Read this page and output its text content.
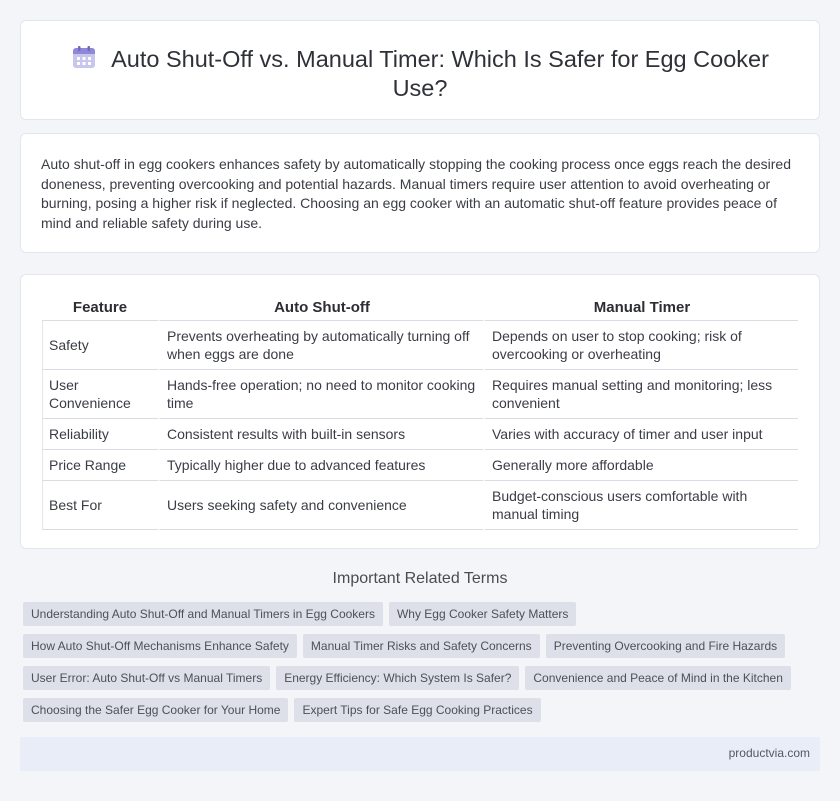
Auto Shut-Off vs. Manual Timer: Which Is Safer for Egg Cooker Use?

Auto shut-off in egg cookers enhances safety by automatically stopping the cooking process once eggs reach the desired doneness, preventing overcooking and potential hazards. Manual timers require user attention to avoid overheating or burning, posing a higher risk if neglected. Choosing an egg cooker with an automatic shut-off feature provides peace of mind and reliable safety during use.

Feature	Auto Shut-off	Manual Timer
Safety	Prevents overheating by automatically turning off when eggs are done	Depends on user to stop cooking; risk of overcooking or overheating
User Convenience	Hands-free operation; no need to monitor cooking time	Requires manual setting and monitoring; less convenient
Reliability	Consistent results with built-in sensors	Varies with accuracy of timer and user input
Price Range	Typically higher due to advanced features	Generally more affordable
Best For	Users seeking safety and convenience	Budget-conscious users comfortable with manual timing
Important Related Terms
Understanding Auto Shut-Off and Manual Timers in Egg Cookers	Why Egg Cooker Safety Matters
How Auto Shut-Off Mechanisms Enhance Safety	Manual Timer Risks and Safety Concerns	Preventing Overcooking and Fire Hazards
User Error: Auto Shut-Off vs Manual Timers	Energy Efficiency: Which System Is Safer?	Convenience and Peace of Mind in the Kitchen
Choosing the Safer Egg Cooker for Your Home	Expert Tips for Safe Egg Cooking Practices
productvia.com
